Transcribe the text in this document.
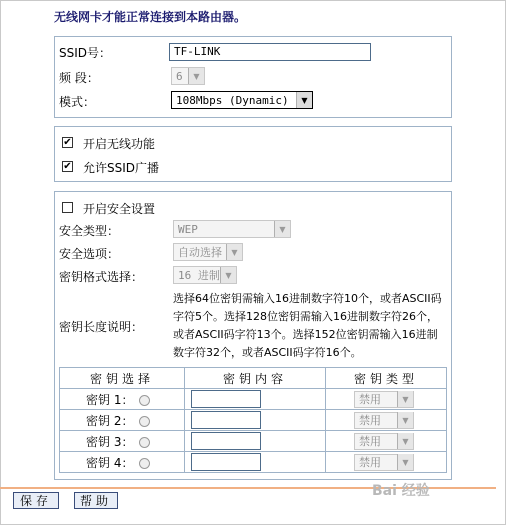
无线网卡才能正常连接到本路由器。
SSID号：	TF-LINK
频 段：	6	▼
模式：	108Mbps (Dynamic)	▼
✔ 开启无线功能
✔ 允许SSID广播
开启安全设置
安全类型：	WEP	▼
安全选项：	自动选择	▼
密钥格式选择：	16 进制 ▼
密钥长度说明：
选择64位密钥需输入16进制数字符10个，或者ASCII码字符5个。选择128位密钥需输入16进制数字符26个，或者ASCII码字符13个。选择152位密钥需输入16进制数字符32个，或者ASCII码字符16个。
密钥选择	密钥内容	密钥类型
密钥 1：		禁用 ▼

密钥 2：		禁用 ▼

密钥 3：		禁用 ▼

密钥 4：		禁用 ▼
保存	帮助
Bai 经验
